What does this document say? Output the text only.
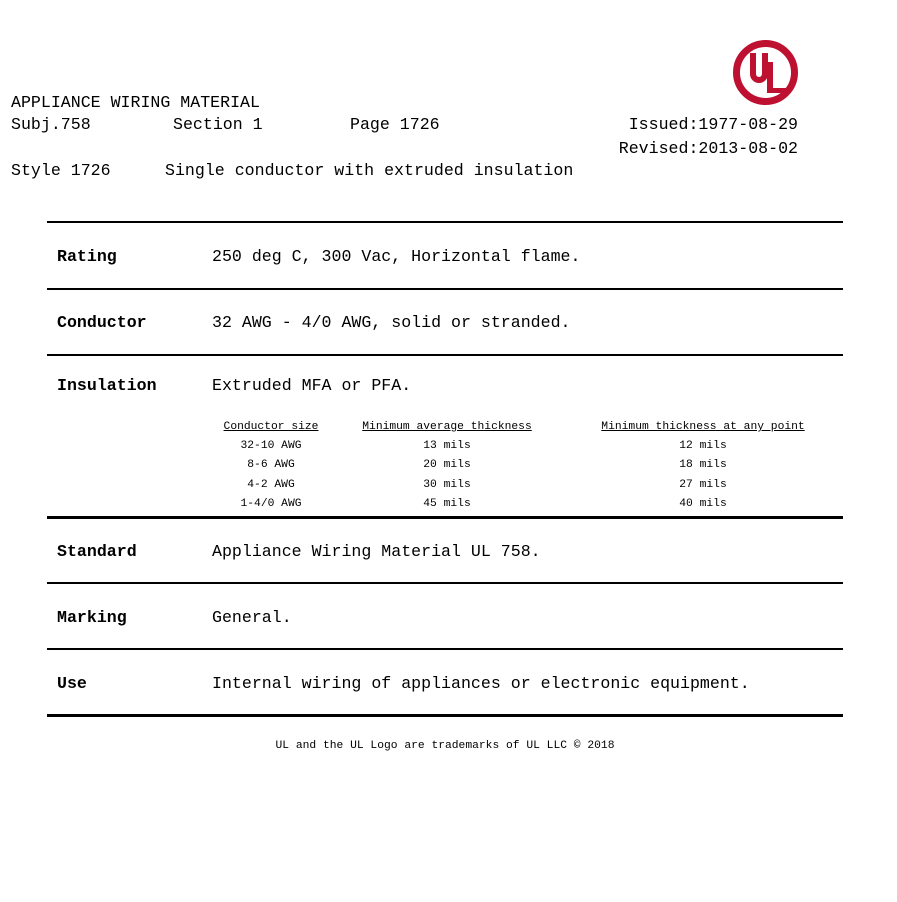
APPLIANCE WIRING MATERIAL
Subj.758	Section 1	Page 1726	Issued:1977-08-29
Revised:2013-08-02
Style 1726	Single conductor with extruded insulation
Rating	250 deg C, 300 Vac, Horizontal flame.
Conductor	32 AWG - 4/0 AWG, solid or stranded.
Insulation	Extruded MFA or PFA.
Conductor size	Minimum average thickness	Minimum thickness at any point
32-10 AWG	13 mils	12 mils
8-6 AWG	20 mils	18 mils
4-2 AWG	30 mils	27 mils
1-4/0 AWG	45 mils	40 mils
Standard	Appliance Wiring Material UL 758.
Marking	General.
Use	Internal wiring of appliances or electronic equipment.
UL and the UL Logo are trademarks of UL LLC © 2018
